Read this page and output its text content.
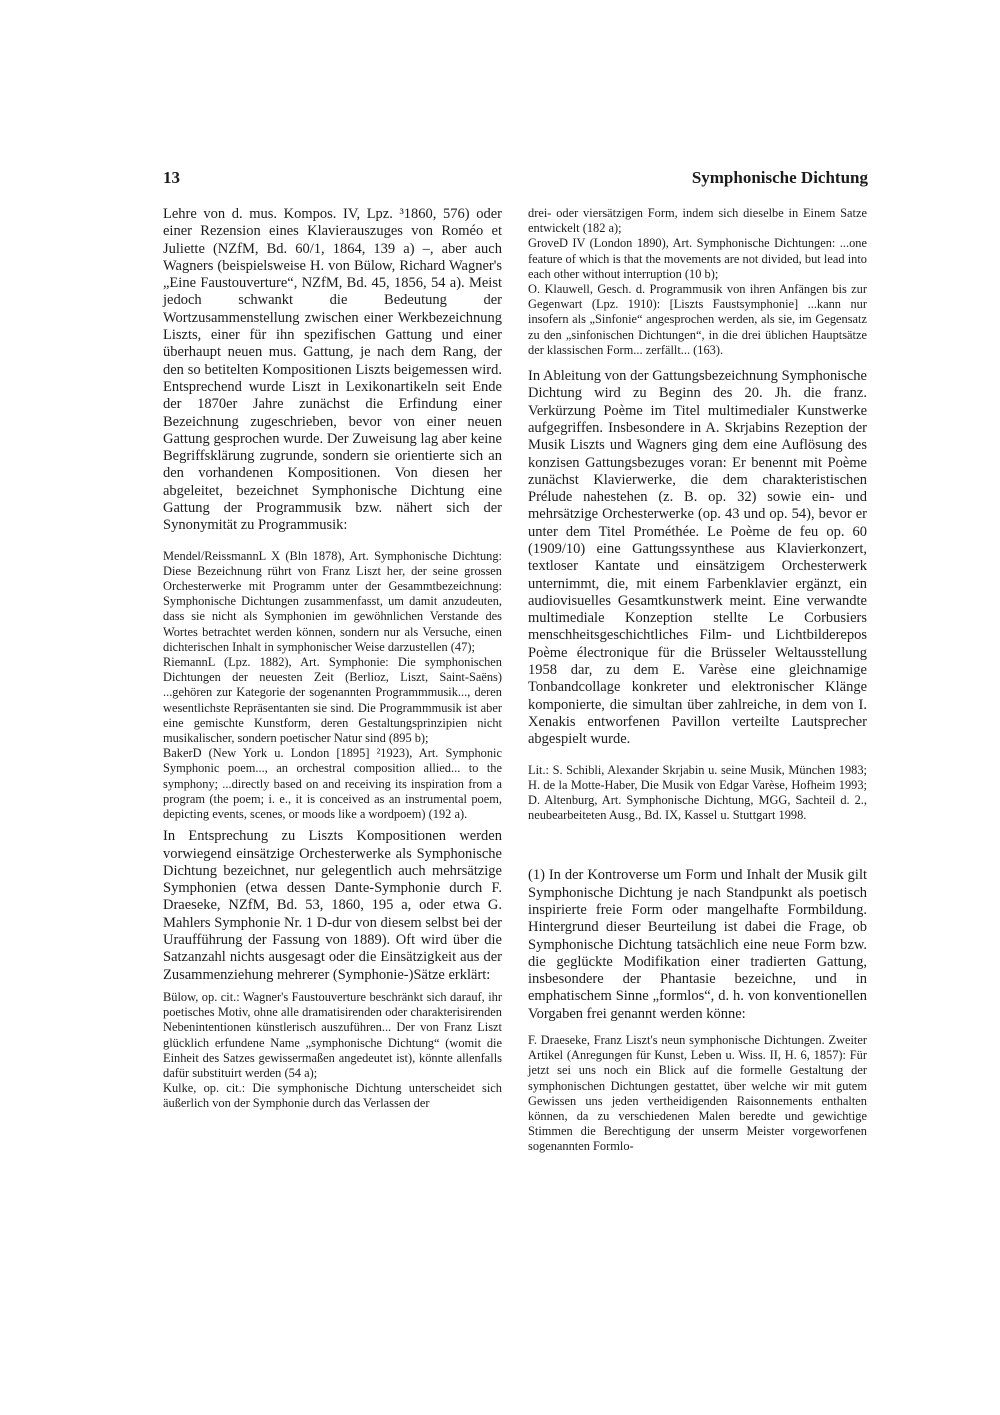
13	Symphonische Dichtung

Lehre von d. mus. Kompos. IV, Lpz. ³1860, 576) oder einer Rezension eines Klavierauszuges von Roméo et Juliette (NZfM, Bd. 60/1, 1864, 139 a) –, aber auch Wagners (beispielsweise H. von Bülow, Richard Wagner's „Eine Faustouverture“, NZfM, Bd. 45, 1856, 54 a). Meist jedoch schwankt die Bedeutung der Wortzusammenstellung zwischen einer Werkbezeichnung Liszts, einer für ihn spezifischen Gattung und einer überhaupt neuen mus. Gattung, je nach dem Rang, der den so betitelten Kompositionen Liszts beigemessen wird. Entsprechend wurde Liszt in Lexikonartikeln seit Ende der 1870er Jahre zunächst die Erfindung einer Bezeichnung zugeschrieben, bevor von einer neuen Gattung gesprochen wurde. Der Zuweisung lag aber keine Begriffsklärung zugrunde, sondern sie orientierte sich an den vorhandenen Kompositionen. Von diesen her abgeleitet, bezeichnet Symphonische Dichtung eine Gattung der Programmusik bzw. nähert sich der Synonymität zu Programmusik:

Mendel/ReissmannL X (Bln 1878), Art. Symphonische Dichtung: Diese Bezeichnung rührt von Franz Liszt her, der seine grossen Orchesterwerke mit Programm unter der Gesammtbezeichnung: Symphonische Dichtungen zusammenfasst, um damit anzudeuten, dass sie nicht als Symphonien im gewöhnlichen Verstande des Wortes betrachtet werden können, sondern nur als Versuche, einen dichterischen Inhalt in symphonischer Weise darzustellen (47);

RiemannL (Lpz. 1882), Art. Symphonie: Die symphonischen Dichtungen der neuesten Zeit (Berlioz, Liszt, Saint-Saëns) ...gehören zur Kategorie der sogenannten Programmmusik..., deren wesentlichste Repräsentanten sie sind. Die Programmmusik ist aber eine gemischte Kunstform, deren Gestaltungsprinzipien nicht musikalischer, sondern poetischer Natur sind (895 b);

BakerD (New York u. London [1895] ²1923), Art. Symphonic Symphonic poem..., an orchestral composition allied... to the symphony; ...directly based on and receiving its inspiration from a program (the poem; i. e., it is conceived as an instrumental poem, depicting events, scenes, or moods like a wordpoem) (192 a).

In Entsprechung zu Liszts Kompositionen werden vorwiegend einsätzige Orchesterwerke als Symphonische Dichtung bezeichnet, nur gelegentlich auch mehrsätzige Symphonien (etwa dessen Dante-Symphonie durch F. Draeseke, NZfM, Bd. 53, 1860, 195 a, oder etwa G. Mahlers Symphonie Nr. 1 D-dur von diesem selbst bei der Uraufführung der Fassung von 1889). Oft wird über die Satzanzahl nichts ausgesagt oder die Einsätzigkeit aus der Zusammenziehung mehrerer (Symphonie-)Sätze erklärt:

Bülow, op. cit.: Wagner's Faustouverture beschränkt sich darauf, ihr poetisches Motiv, ohne alle dramatisirenden oder charakterisirenden Nebenintentionen künstlerisch auszuführen... Der von Franz Liszt glücklich erfundene Name „symphonische Dichtung“ (womit die Einheit des Satzes gewissermaßen angedeutet ist), könnte allenfalls dafür substituirt werden (54 a);

Kulke, op. cit.: Die symphonische Dichtung unterscheidet sich äußerlich von der Symphonie durch das Verlassen der

drei- oder viersätzigen Form, indem sich dieselbe in Einem Satze entwickelt (182 a);

GroveD IV (London 1890), Art. Symphonische Dichtungen: ...one feature of which is that the movements are not divided, but lead into each other without interruption (10 b);

O. Klauwell, Gesch. d. Programmusik von ihren Anfängen bis zur Gegenwart (Lpz. 1910): [Liszts Faustsymphonie] ...kann nur insofern als „Sinfonie“ angesprochen werden, als sie, im Gegensatz zu den „sinfonischen Dichtungen“, in die drei üblichen Hauptsätze der klassischen Form... zerfällt... (163).

In Ableitung von der Gattungsbezeichnung Symphonische Dichtung wird zu Beginn des 20. Jh. die franz. Verkürzung Poème im Titel multimedialer Kunstwerke aufgegriffen. Insbesondere in A. Skrjabins Rezeption der Musik Liszts und Wagners ging dem eine Auflösung des konzisen Gattungsbezuges voran: Er benennt mit Poème zunächst Klavierwerke, die dem charakteristischen Prélude nahestehen (z. B. op. 32) sowie ein- und mehrsätzige Orchesterwerke (op. 43 und op. 54), bevor er unter dem Titel Prométhée. Le Poème de feu op. 60 (1909/10) eine Gattungssynthese aus Klavierkonzert, textloser Kantate und einsätzigem Orchesterwerk unternimmt, die, mit einem Farbenklavier ergänzt, ein audiovisuelles Gesamtkunstwerk meint. Eine verwandte multimediale Konzeption stellte Le Corbusiers menschheitsgeschichtliches Film- und Lichtbilderepos Poème électronique für die Brüsseler Weltausstellung 1958 dar, zu dem E. Varèse eine gleichnamige Tonbandcollage konkreter und elektronischer Klänge komponierte, die simultan über zahlreiche, in dem von I. Xenakis entworfenen Pavillon verteilte Lautsprecher abgespielt wurde.

Lit.: S. Schibli, Alexander Skrjabin u. seine Musik, München 1983; H. de la Motte-Haber, Die Musik von Edgar Varèse, Hofheim 1993; D. Altenburg, Art. Symphonische Dichtung, MGG, Sachteil d. 2., neubearbeiteten Ausg., Bd. IX, Kassel u. Stuttgart 1998.

(1) In der Kontroverse um Form und Inhalt der Musik gilt Symphonische Dichtung je nach Standpunkt als poetisch inspirierte freie Form oder mangelhafte Formbildung. Hintergrund dieser Beurteilung ist dabei die Frage, ob Symphonische Dichtung tatsächlich eine neue Form bzw. die geglückte Modifikation einer tradierten Gattung, insbesondere der Phantasie bezeichne, und in emphatischem Sinne „formlos“, d. h. von konventionellen Vorgaben frei genannt werden könne:

F. Draeseke, Franz Liszt's neun symphonische Dichtungen. Zweiter Artikel (Anregungen für Kunst, Leben u. Wiss. II, H. 6, 1857): Für jetzt sei uns noch ein Blick auf die formelle Gestaltung der symphonischen Dichtungen gestattet, über welche wir mit gutem Gewissen uns jeden vertheidigenden Raisonnements enthalten können, da zu verschiedenen Malen beredte und gewichtige Stimmen die Berechtigung der unserm Meister vorgeworfenen sogenannten Formlo-
